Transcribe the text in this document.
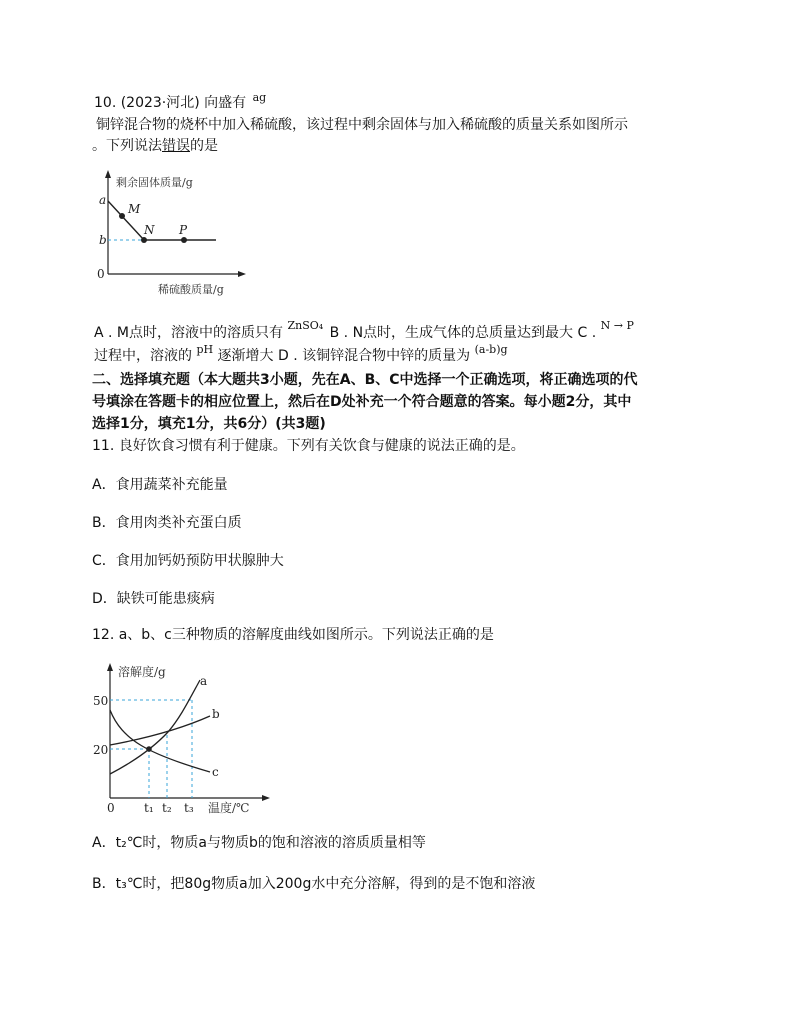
10. (2023·河北) 向盛有 $^{ag}$
铜锌混合物的烧杯中加入稀硫酸，该过程中剩余固体与加入稀硫酸的质量关系如图所示
。下列说法错误的是
剩余固体质量/g
a
b
0
M
N P
稀硫酸质量/g
A . M点时，溶液中的溶质只有 $^{ZnSO_4}$ B . N点时，生成气体的总质量达到最大 C . $^{N \to P}$
过程中，溶液的 $^{pH}$ 逐渐增大 D . 该铜锌混合物中锌的质量为 $^{(a-b)g}$
二、选择填充题（本大题共3小题，先在A、B、C中选择一个正确选项，将正确选项的代
号填涂在答题卡的相应位置上，然后在D处补充一个符合题意的答案。每小题2分，其中
选择1分，填充1分，共6分）(共3题)
11. 良好饮食习惯有利于健康。下列有关饮食与健康的说法正确的是。
A．食用蔬菜补充能量
B．食用肉类补充蛋白质
C．食用加钙奶预防甲状腺肿大
D．缺铁可能患痰病
12. a、b、c三种物质的溶解度曲线如图所示。下列说法正确的是
溶解度/g
50
20
0
a
b
c
t₁ t₂ t₃ 温度/℃
A．t₂℃时，物质a与物质b的饱和溶液的溶质质量相等
B．t₃℃时，把80g物质a加入200g水中充分溶解，得到的是不饱和溶液
